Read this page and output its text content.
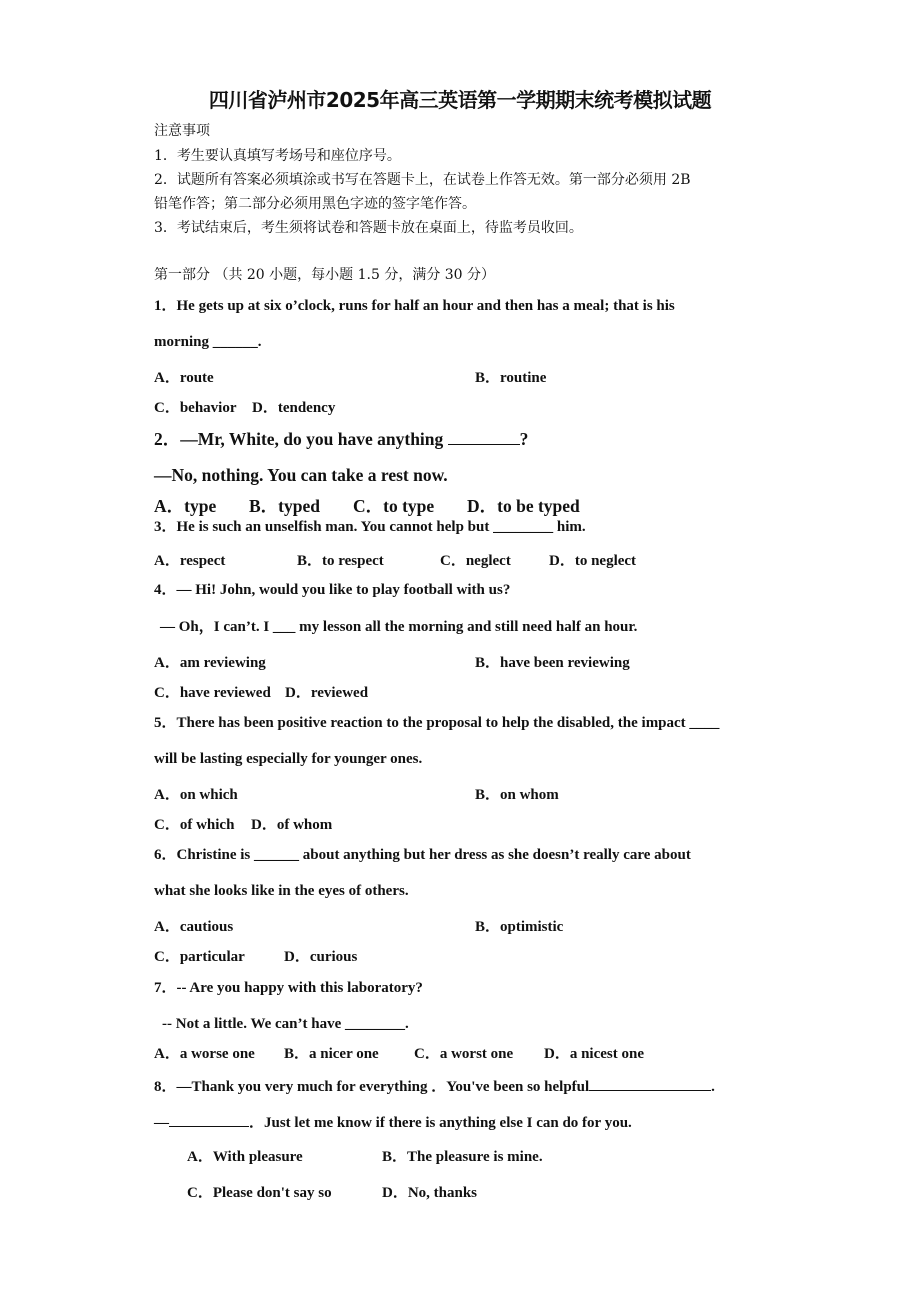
四川省泸州市2025年高三英语第一学期期末统考模拟试题
注意事项
1．考生要认真填写考场号和座位序号。
2．试题所有答案必须填涂或书写在答题卡上，在试卷上作答无效。第一部分必须用 2B
铅笔作答；第二部分必须用黑色字迹的签字笔作答。
3．考试结束后，考生须将试卷和答题卡放在桌面上，待监考员收回。
第一部分 （共 20 小题，每小题 1.5 分，满分 30 分）
1．He gets up at six o’clock, runs for half an hour and then has a meal; that is his
morning ______.
A．route	B．routine
C．behavior D．tendency
2．—Mr, White, do you have anything	?
—No, nothing. You can take a rest now.
A．type B．typed C．to type D．to be typed
3．He is such an unselfish man. You cannot help but ________ him.
A．respect	B．to respect	C．neglect	D．to neglect
4．— Hi! John, would you like to play football with us?
— Oh，I can’t. I ___ my lesson all the morning and still need half an hour.
A．am reviewing	B．have been reviewing
C．have reviewed D．reviewed
5．There has been positive reaction to the proposal to help the disabled, the impact ____
will be lasting especially for younger ones.
A．on which	B．on whom
C．of which D．of whom
6．Christine is ______ about anything but her dress as she doesn’t really care about
what she looks like in the eyes of others.
A．cautious	B．optimistic
C．particular	D．curious
7．-- Are you happy with this laboratory?
-- Not a little. We can’t have ________.
A．a worse one B．a nicer one C．a worst one D．a nicest one
8．—Thank you very much for everything ．You've been so helpful	.
—	．Just let me know if there is anything else I can do for you.
A．With pleasure	B．The pleasure is mine.
C．Please don't say so	D．No, thanks
